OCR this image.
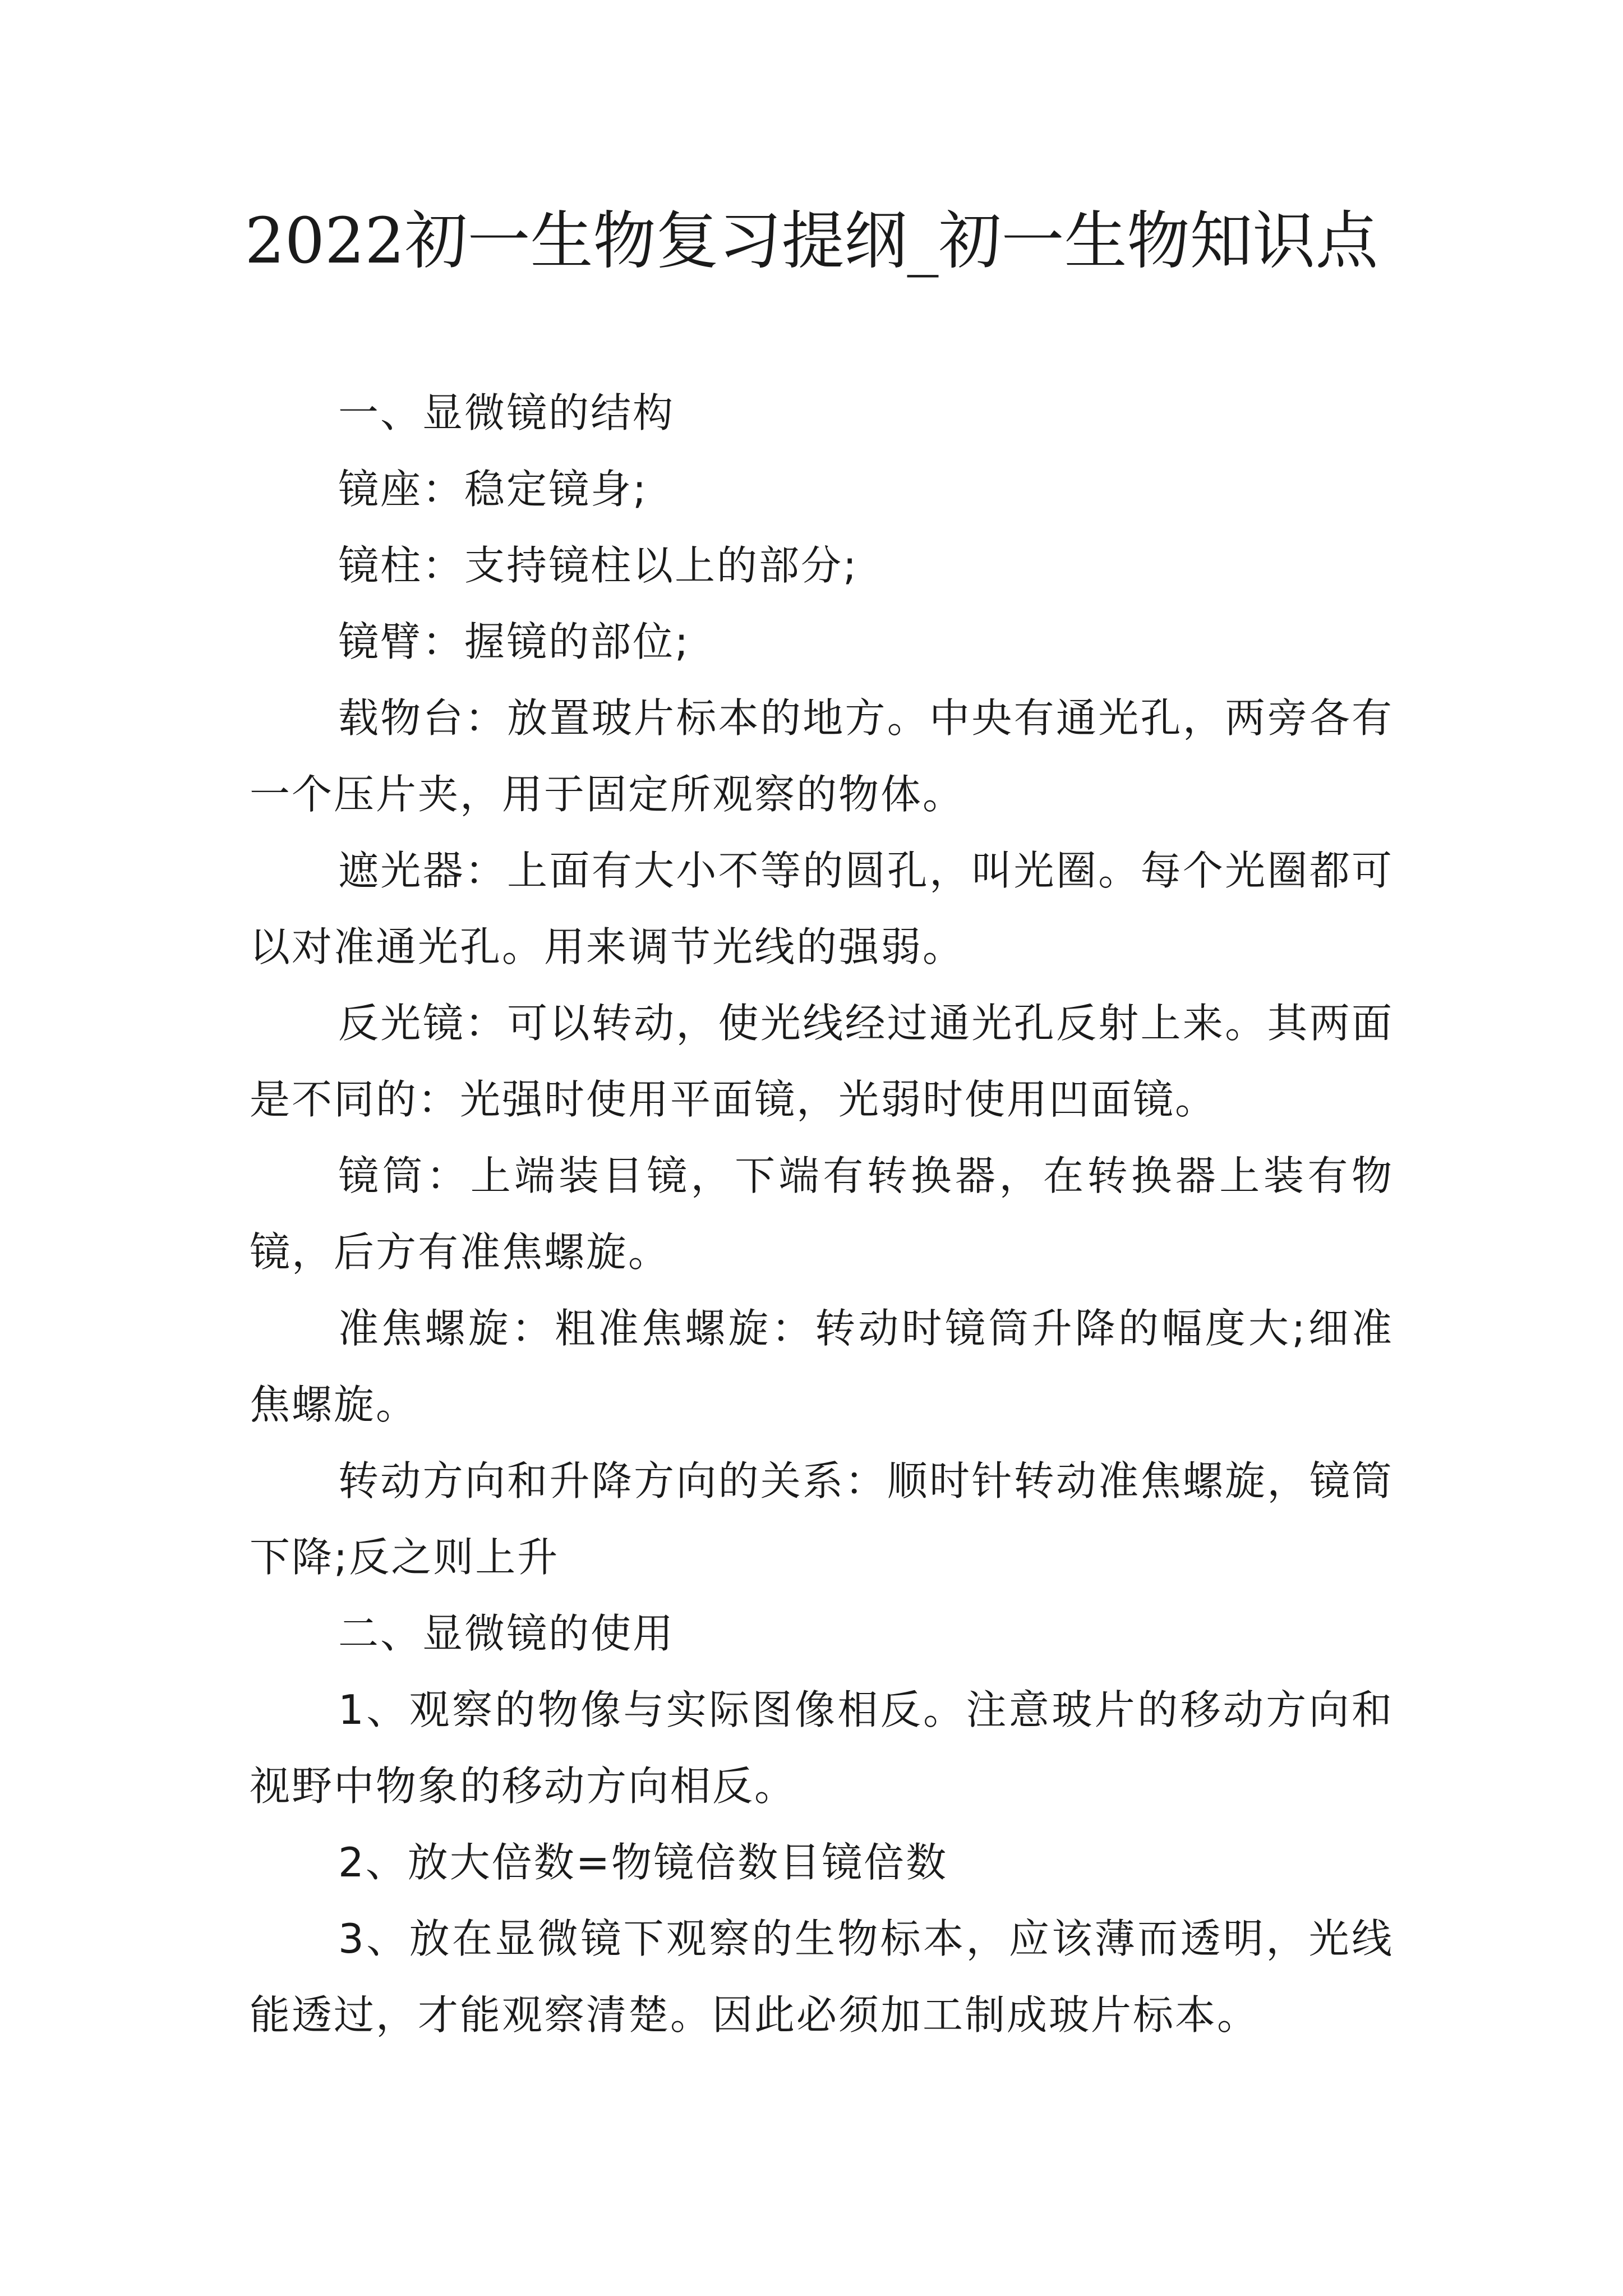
2022初一生物复习提纲_初一生物知识点

一、显微镜的结构

镜座：稳定镜身;

镜柱：支持镜柱以上的部分;

镜臂：握镜的部位;

载物台：放置玻片标本的地方。中央有通光孔，两旁各有一个压片夹，用于固定所观察的物体。

遮光器：上面有大小不等的圆孔，叫光圈。每个光圈都可以对准通光孔。用来调节光线的强弱。

反光镜：可以转动，使光线经过通光孔反射上来。其两面是不同的：光强时使用平面镜，光弱时使用凹面镜。

镜筒：上端装目镜，下端有转换器，在转换器上装有物镜，后方有准焦螺旋。

准焦螺旋：粗准焦螺旋：转动时镜筒升降的幅度大;细准焦螺旋。

转动方向和升降方向的关系：顺时针转动准焦螺旋，镜筒下降;反之则上升

二、显微镜的使用

1、观察的物像与实际图像相反。注意玻片的移动方向和视野中物象的移动方向相反。

2、放大倍数=物镜倍数目镜倍数

3、放在显微镜下观察的生物标本，应该薄而透明，光线能透过，才能观察清楚。因此必须加工制成玻片标本。
